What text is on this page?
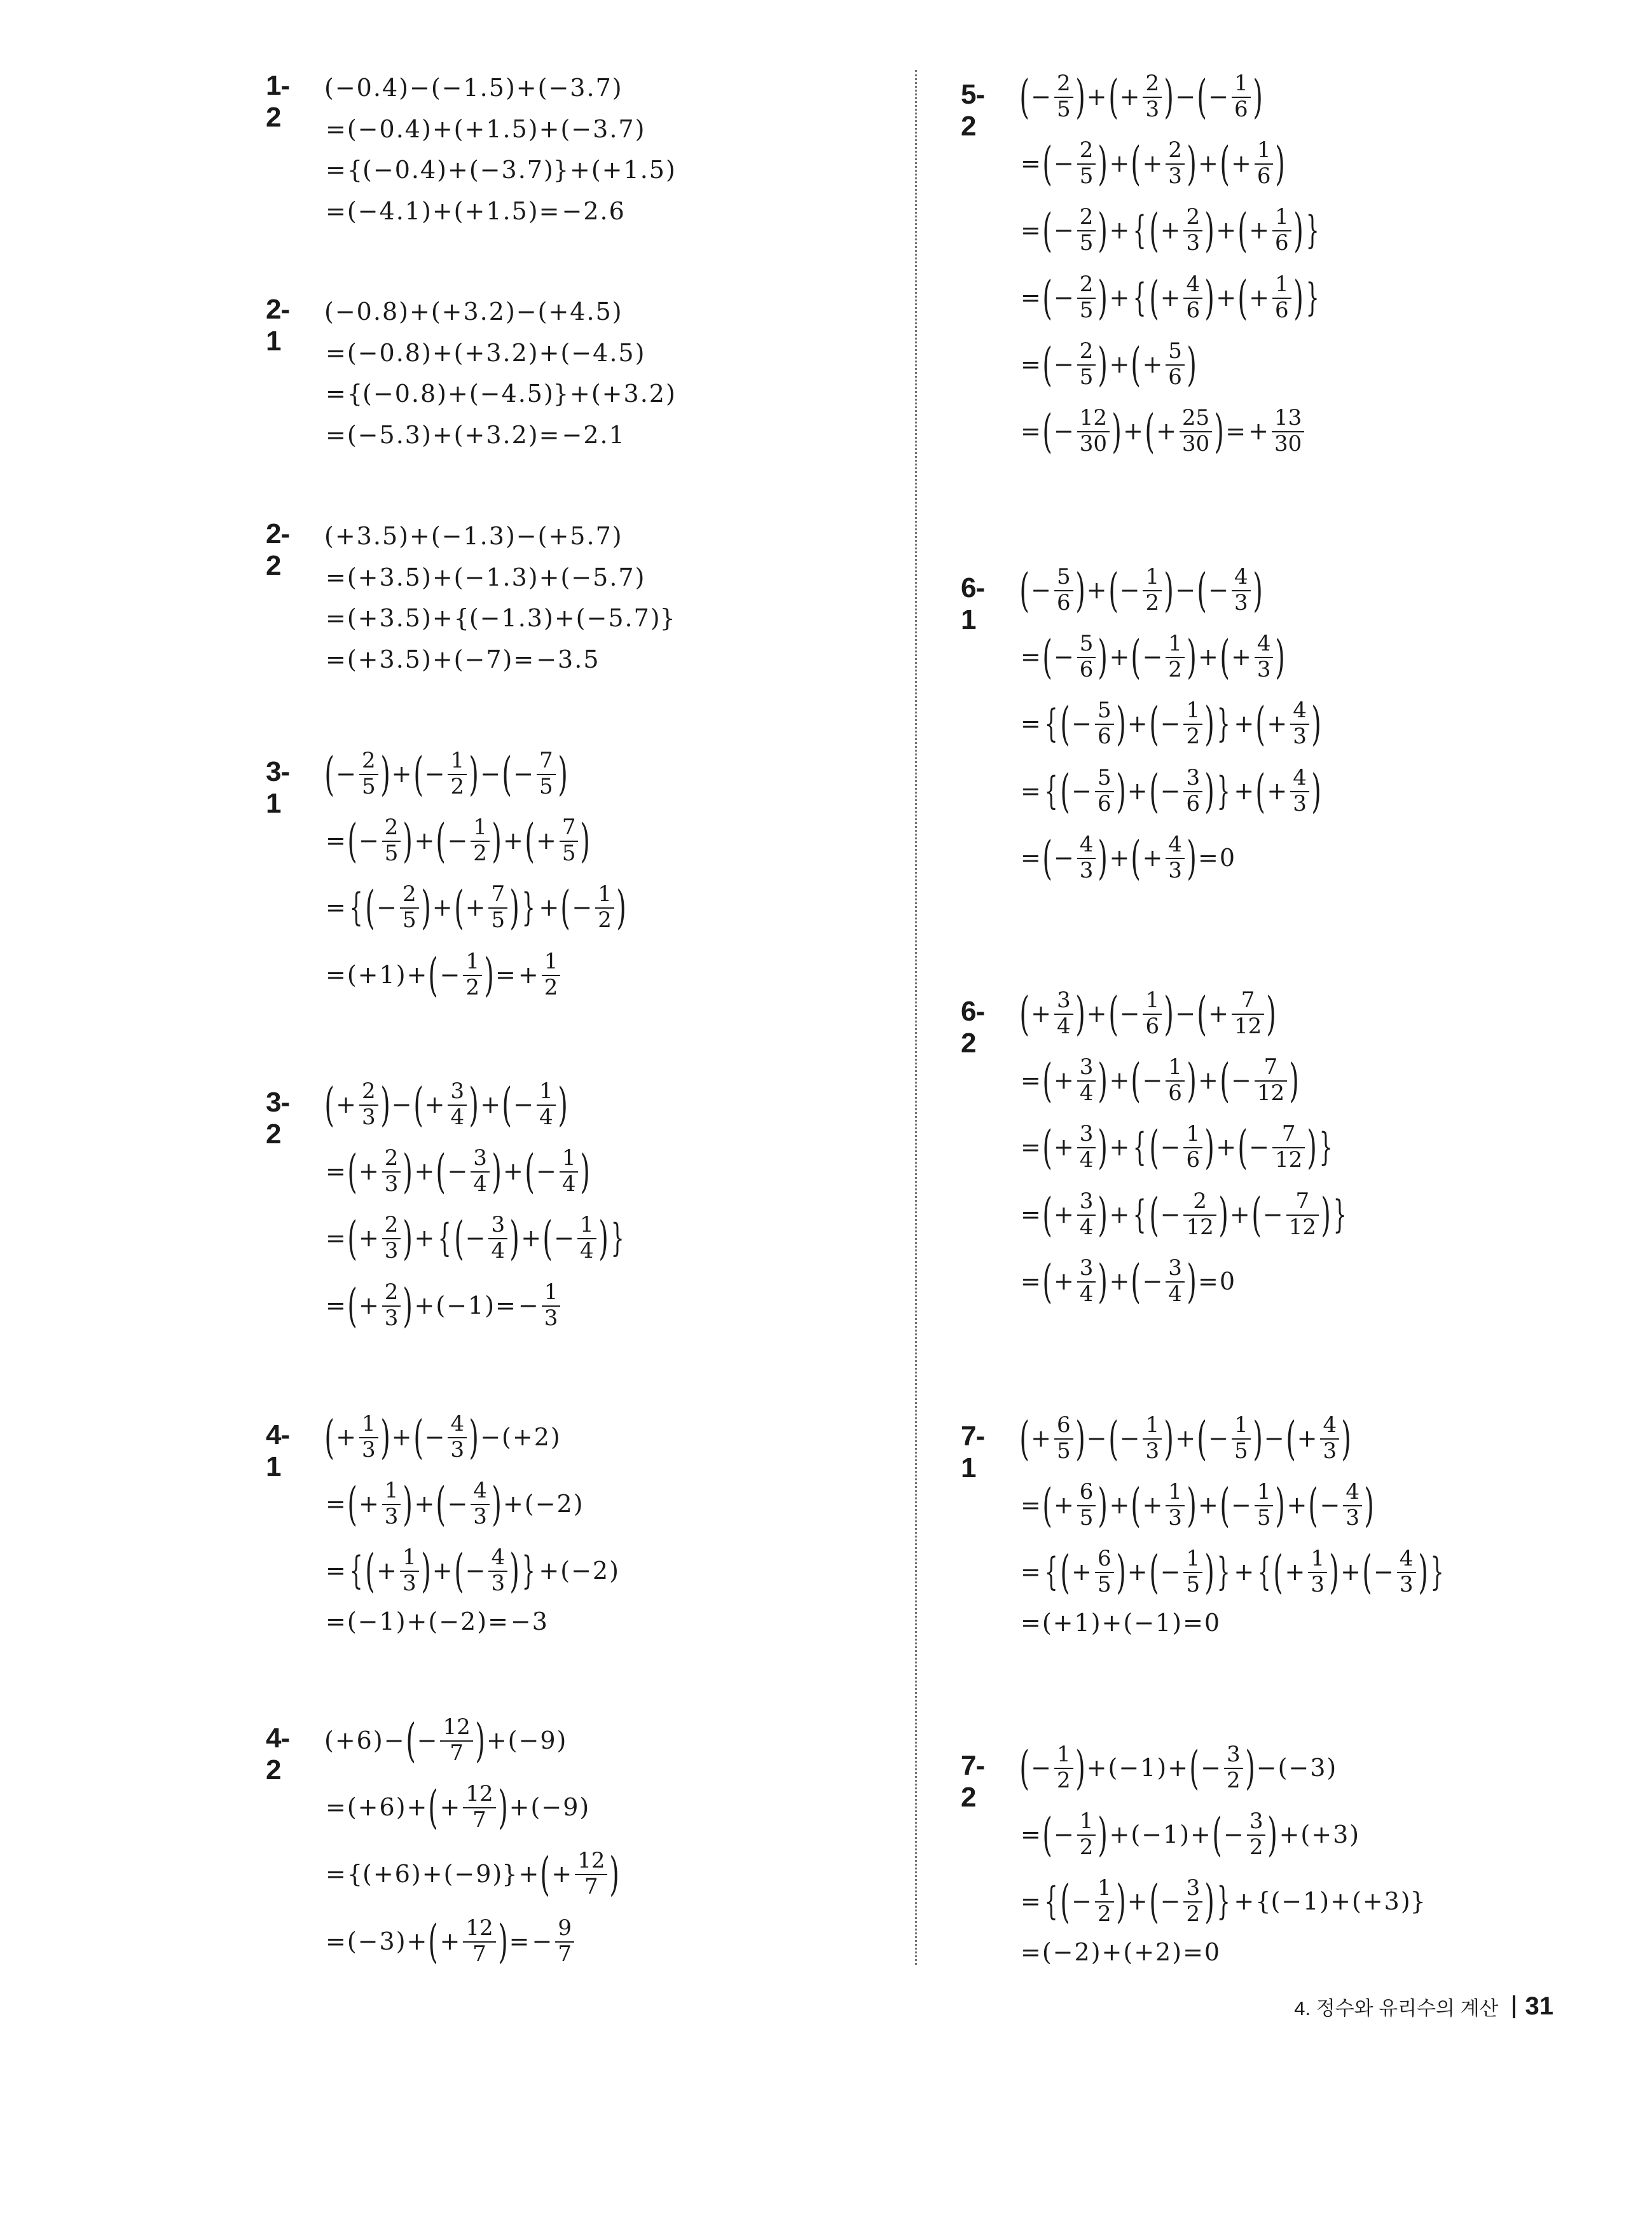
4. 정수와 유리수의 계산 31
1-2
( − 0 . 4 ) − ( − 1 . 5 ) + ( − 3 . 7 )
= ( − 0 . 4 ) + ( + 1 . 5 ) + ( − 3 . 7 )
= { ( − 0 . 4 ) + ( − 3 . 7 ) } + ( + 1 . 5 )
= ( − 4 . 1 ) + ( + 1 . 5 ) = − 2 . 6
2-1
( − 0 . 8 ) + ( + 3 . 2 ) − ( + 4 . 5 )
= ( − 0 . 8 ) + ( + 3 . 2 ) + ( − 4 . 5 )
= { ( − 0 . 8 ) + ( − 4 . 5 ) } + ( + 3 . 2 )
= ( − 5 . 3 ) + ( + 3 . 2 ) = − 2 . 1
2-2
( + 3 . 5 ) + ( − 1 . 3 ) − ( + 5 . 7 )
= ( + 3 . 5 ) + ( − 1 . 3 ) + ( − 5 . 7 )
= ( + 3 . 5 ) + { ( − 1 . 3 ) + ( − 5 . 7 ) }
= ( + 3 . 5 ) + ( − 7 ) = − 3 . 5
3-1
( − $\frac{2}{5}$ ) + ( − $\frac{1}{2}$ ) − ( − $\frac{7}{5}$ )
= ( − $\frac{2}{5}$ ) + ( − $\frac{1}{2}$ ) + ( + $\frac{7}{5}$ )
= { ( − $\frac{2}{5}$ ) + ( + $\frac{7}{5}$ ) } + ( − $\frac{1}{2}$ )
= ( + 1 ) + ( − $\frac{1}{2}$ ) = + $\frac{1}{2}$
3-2
( + $\frac{2}{3}$ ) − ( + $\frac{3}{4}$ ) + ( − $\frac{1}{4}$ )
= ( + $\frac{2}{3}$ ) + ( − $\frac{3}{4}$ ) + ( − $\frac{1}{4}$ )
= ( + $\frac{2}{3}$ ) + { ( − $\frac{3}{4}$ ) + ( − $\frac{1}{4}$ ) }
= ( + $\frac{2}{3}$ ) + ( − 1 ) = − $\frac{1}{3}$
4-1
( + $\frac{1}{3}$ ) + ( − $\frac{4}{3}$ ) − ( + 2 )
= ( + $\frac{1}{3}$ ) + ( − $\frac{4}{3}$ ) + ( − 2 )
= { ( + $\frac{1}{3}$ ) + ( − $\frac{4}{3}$ ) } + ( − 2 )
= ( − 1 ) + ( − 2 ) = − 3
4-2
( + 6 ) − ( − $\frac{12}{7}$ ) + ( − 9 )
= ( + 6 ) + ( + $\frac{12}{7}$ ) + ( − 9 )
= { ( + 6 ) + ( − 9 ) } + ( + $\frac{12}{7}$ )
= ( − 3 ) + ( + $\frac{12}{7}$ ) = − $\frac{9}{7}$
5-2
( − $\frac{2}{5}$ ) + ( + $\frac{2}{3}$ ) − ( − $\frac{1}{6}$ )
= ( − $\frac{2}{5}$ ) + ( + $\frac{2}{3}$ ) + ( + $\frac{1}{6}$ )
= ( − $\frac{2}{5}$ ) + { ( + $\frac{2}{3}$ ) + ( + $\frac{1}{6}$ ) }
= ( − $\frac{2}{5}$ ) + { ( + $\frac{4}{6}$ ) + ( + $\frac{1}{6}$ ) }
= ( − $\frac{2}{5}$ ) + ( + $\frac{5}{6}$ )
= ( − $\frac{12}{30}$ ) + ( + $\frac{25}{30}$ ) = + $\frac{13}{30}$
6-1
( − $\frac{5}{6}$ ) + ( − $\frac{1}{2}$ ) − ( − $\frac{4}{3}$ )
= ( − $\frac{5}{6}$ ) + ( − $\frac{1}{2}$ ) + ( + $\frac{4}{3}$ )
= { ( − $\frac{5}{6}$ ) + ( − $\frac{1}{2}$ ) } + ( + $\frac{4}{3}$ )
= { ( − $\frac{5}{6}$ ) + ( − $\frac{3}{6}$ ) } + ( + $\frac{4}{3}$ )
= ( − $\frac{4}{3}$ ) + ( + $\frac{4}{3}$ ) = 0
6-2
( + $\frac{3}{4}$ ) + ( − $\frac{1}{6}$ ) − ( + $\frac{7}{12}$ )
= ( + $\frac{3}{4}$ ) + ( − $\frac{1}{6}$ ) + ( − $\frac{7}{12}$ )
= ( + $\frac{3}{4}$ ) + { ( − $\frac{1}{6}$ ) + ( − $\frac{7}{12}$ ) }
= ( + $\frac{3}{4}$ ) + { ( − $\frac{2}{12}$ ) + ( − $\frac{7}{12}$ ) }
= ( + $\frac{3}{4}$ ) + ( − $\frac{3}{4}$ ) = 0
7-1
( + $\frac{6}{5}$ ) − ( − $\frac{1}{3}$ ) + ( − $\frac{1}{5}$ ) − ( + $\frac{4}{3}$ )
= ( + $\frac{6}{5}$ ) + ( + $\frac{1}{3}$ ) + ( − $\frac{1}{5}$ ) + ( − $\frac{4}{3}$ )
= { ( + $\frac{6}{5}$ ) + ( − $\frac{1}{5}$ ) } + { ( + $\frac{1}{3}$ ) + ( − $\frac{4}{3}$ ) }
= ( + 1 ) + ( − 1 ) = 0
7-2
( − $\frac{1}{2}$ ) + ( − 1 ) + ( − $\frac{3}{2}$ ) − ( − 3 )
= ( − $\frac{1}{2}$ ) + ( − 1 ) + ( − $\frac{3}{2}$ ) + ( + 3 )
= { ( − $\frac{1}{2}$ ) + ( − $\frac{3}{2}$ ) } + { ( − 1 ) + ( + 3 ) }
= ( − 2 ) + ( + 2 ) = 0
